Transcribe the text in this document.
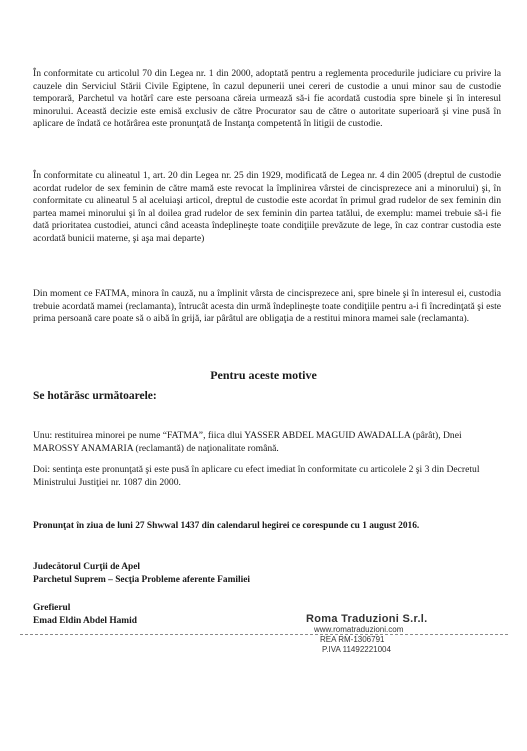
În conformitate cu articolul 70 din Legea nr. 1 din 2000, adoptată pentru a reglementa procedurile judiciare cu privire la cauzele din Serviciul Stării Civile Egiptene, în cazul depunerii unei cereri de custodie a unui minor sau de custodie temporară, Parchetul va hotărî care este persoana căreia urmează să-i fie acordată custodia spre binele şi în interesul minorului. Această decizie este emisă exclusiv de către Procurator sau de către o autoritate superioară şi vine pusă în aplicare de îndată ce hotărârea este pronunţată de Instanţa competentă în litigii de custodie.

În conformitate cu alineatul 1, art. 20 din Legea nr. 25 din 1929, modificată de Legea nr. 4 din 2005 (dreptul de custodie acordat rudelor de sex feminin de către mamă este revocat la împlinirea vârstei de cincisprezece ani a minorului) şi, în conformitate cu alineatul 5 al aceluiaşi articol, dreptul de custodie este acordat în primul grad rudelor de sex feminin din partea mamei minorului şi în al doilea grad rudelor de sex feminin din partea tatălui, de exemplu: mamei trebuie să-i fie dată prioritatea custodiei, atunci când aceasta îndeplineşte toate condiţiile prevăzute de lege, în caz contrar custodia este acordată bunicii materne, şi aşa mai departe)

Din moment ce FATMA, minora în cauză, nu a împlinit vârsta de cincisprezece ani, spre binele şi în interesul ei, custodia trebuie acordată mamei (reclamanta), întrucât acesta din urmă îndeplineşte toate condiţiile pentru a-i fi încredinţată şi este prima persoană care poate să o aibă în grijă, iar pârâtul are obligaţia de a restitui minora mamei sale (reclamanta).

Pentru aceste motive
Se hotărăsc următoarele:

Unu: restituirea minorei pe nume “FATMA”, fiica dlui YASSER ABDEL MAGUID AWADALLA (pârât), Dnei MAROSSY ANAMARIA (reclamantă) de naţionalitate română.

Doi: sentinţa este pronunţată şi este pusă în aplicare cu efect imediat în conformitate cu articolele 2 şi 3 din Decretul Ministrului Justiţiei nr. 1087 din 2000.

Pronunţat în ziua de luni 27 Shwwal 1437 din calendarul hegirei ce corespunde cu 1 august 2016.
Judecătorul Curţii de Apel
Parchetul Suprem – Secţia Probleme aferente Familiei
Grefierul
Emad Eldin Abdel Hamid	Roma Traduzioni S.r.l.
www.romatraduzioni.com
REA RM-1306791
P.IVA 11492221004
